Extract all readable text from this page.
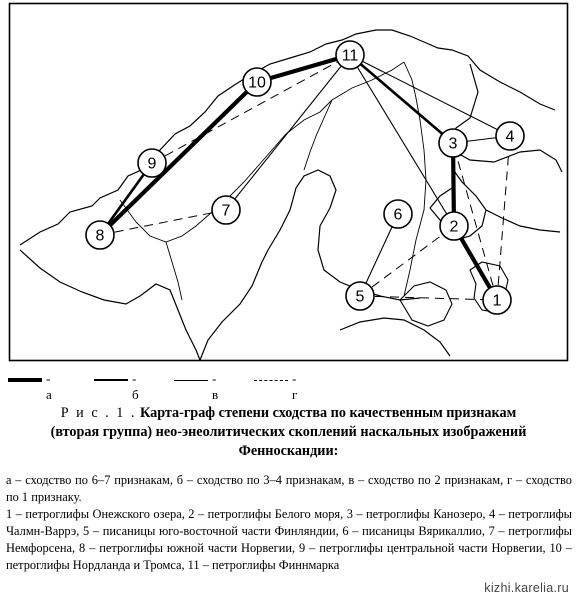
1
2
3	4
5
6
7
8
9
10
11
- а
- б
- в
- г
Р и с . 1 . Карта-граф степени сходства по качественным признакам
(вторая группа) нео-энеолитических скоплений наскальных изображений
Фенноскандии:

а – сходство по 6–7 признакам, б – сходство по 3–4 признакам, в – сходство по 2 признакам, г – сходство по 1 признаку.

1 – петроглифы Онежского озера, 2 – петроглифы Белого моря, 3 – петроглифы Канозеро, 4 – петроглифы Чалмн-Варрэ, 5 – писаницы юго-восточной части Финляндии, 6 – писаницы Вярикаллио, 7 – петроглифы Немфорсена, 8 – петроглифы южной части Норвегии, 9 – петроглифы центральной части Норвегии, 10 – петроглифы Нордланда и Тромса, 11 – петроглифы Финнмарка

kizhi.karelia.ru
